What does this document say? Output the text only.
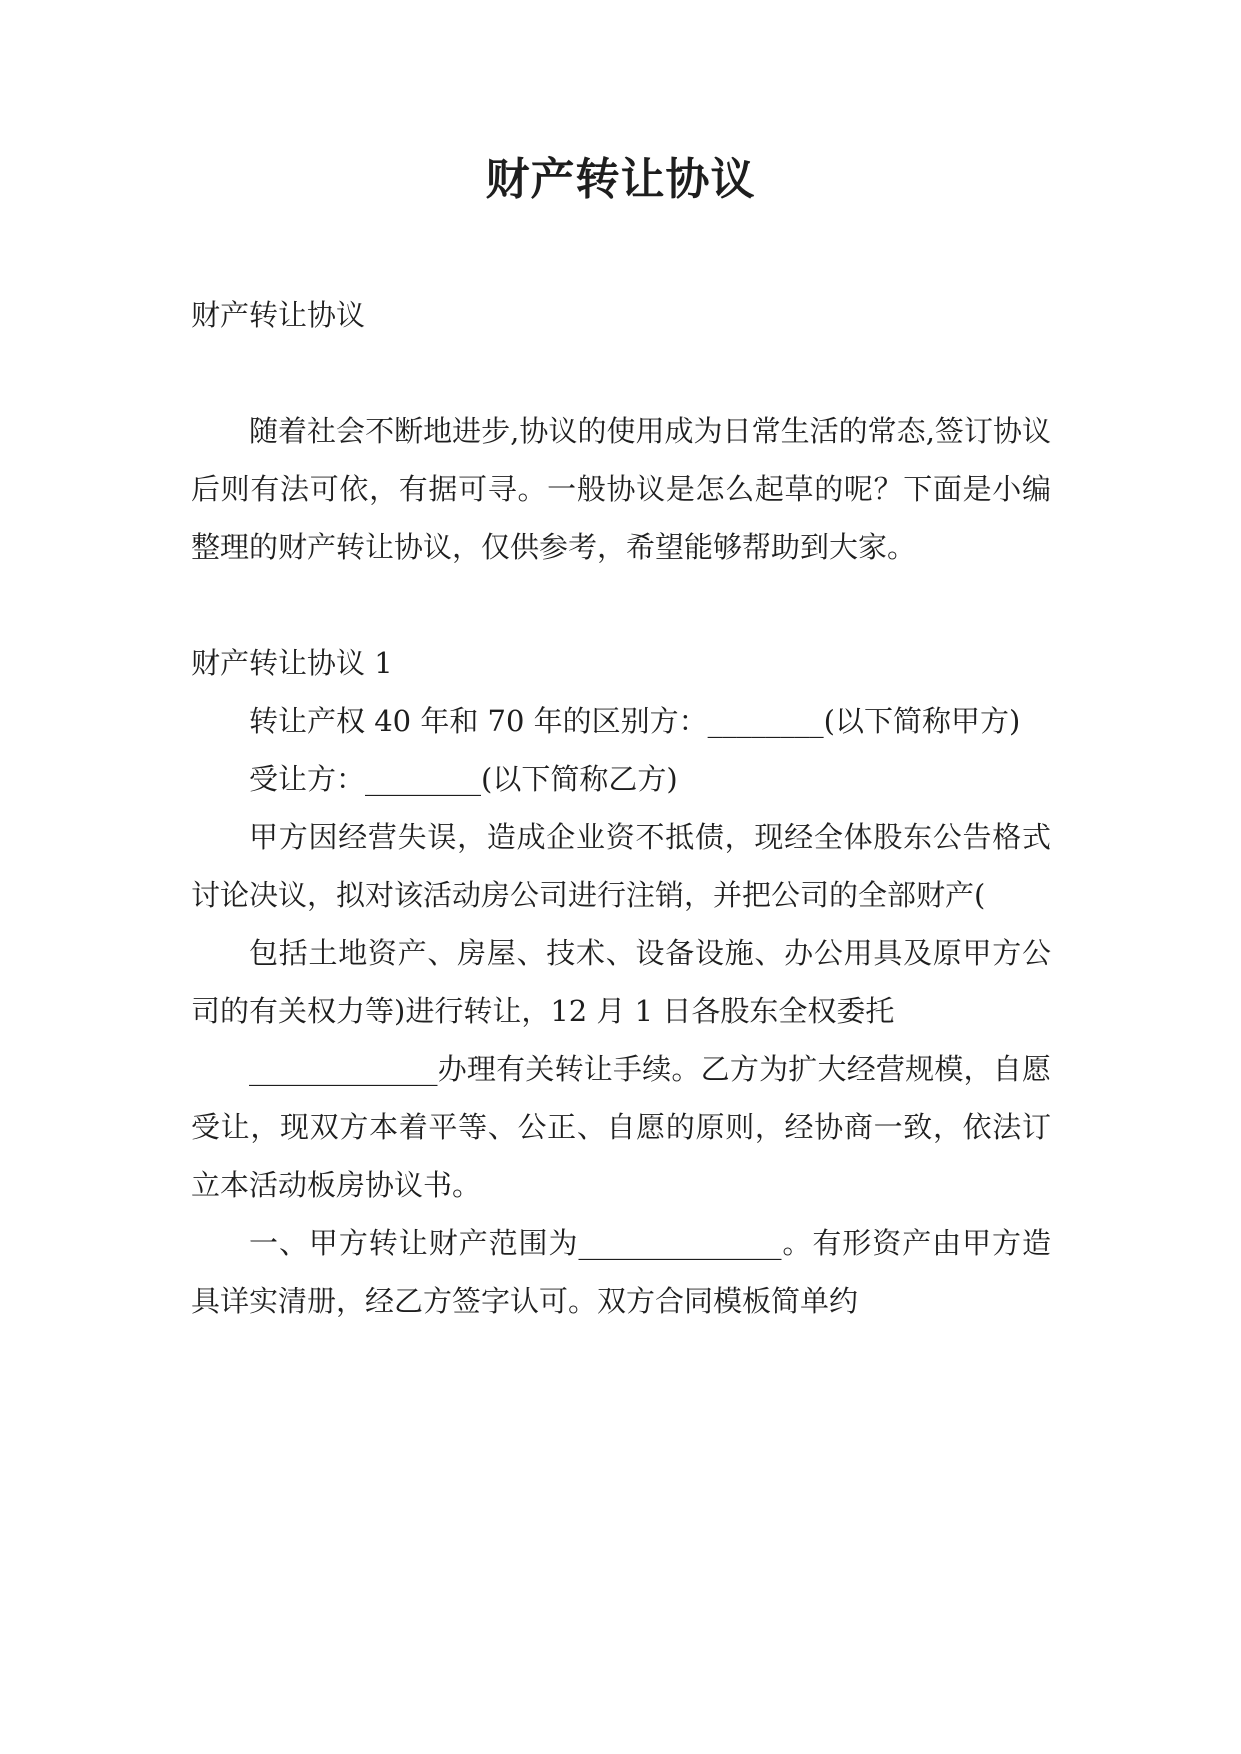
财产转让协议

财产转让协议

随着社会不断地进步,协议的使用成为日常生活的常态,签订协议后则有法可依，有据可寻。一般协议是怎么起草的呢？下面是小编整理的财产转让协议，仅供参考，希望能够帮助到大家。

财产转让协议 1

转让产权 40 年和 70 年的区别方：________(以下简称甲方)

受让方：________(以下简称乙方)

甲方因经营失误，造成企业资不抵债，现经全体股东公告格式讨论决议，拟对该活动房公司进行注销，并把公司的全部财产(

包括土地资产、房屋、技术、设备设施、办公用具及原甲方公司的有关权力等)进行转让，12 月 1 日各股东全权委托

_____________办理有关转让手续。乙方为扩大经营规模，自愿受让，现双方本着平等、公正、自愿的原则，经协商一致，依法订立本活动板房协议书。

一、甲方转让财产范围为______________。有形资产由甲方造具详实清册，经乙方签字认可。双方合同模板简单约
